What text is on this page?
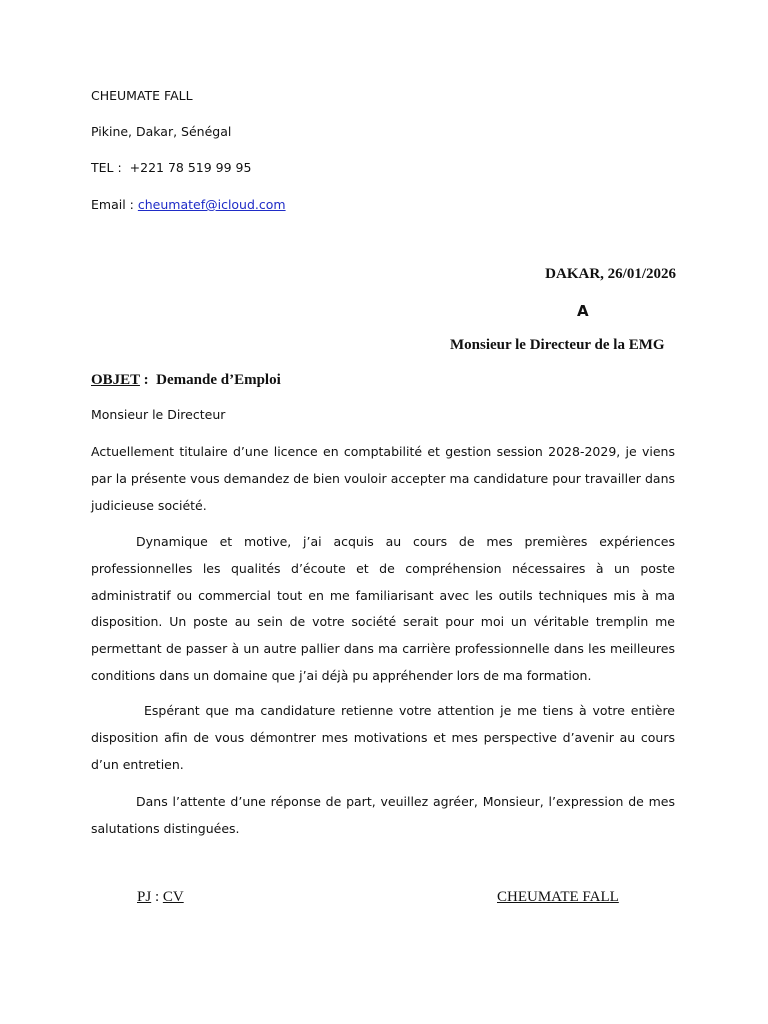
CHEUMATE FALL
Pikine, Dakar, Sénégal
TEL : +221 78 519 99 95
Email : cheumatef@icloud.com
DAKAR, 26/01/2026
A
Monsieur le Directeur de la EMG
OBJET : Demande d’Emploi
Monsieur le Directeur
Actuellement titulaire d’une licence en comptabilité et gestion session 2028-2029, je viens par la présente vous demandez de bien vouloir accepter ma candidature pour travailler dans judicieuse société.
Dynamique et motive, j’ai acquis au cours de mes premières expériences professionnelles les qualités d’écoute et de compréhension nécessaires à un poste administratif ou commercial tout en me familiarisant avec les outils techniques mis à ma disposition. Un poste au sein de votre société serait pour moi un véritable tremplin me permettant de passer à un autre pallier dans ma carrière professionnelle dans les meilleures conditions dans un domaine que j’ai déjà pu appréhender lors de ma formation.
Espérant que ma candidature retienne votre attention je me tiens à votre entière disposition afin de vous démontrer mes motivations et mes perspective d’avenir au cours d’un entretien.
Dans l’attente d’une réponse de part, veuillez agréer, Monsieur, l’expression de mes salutations distinguées.
PJ : CV	CHEUMATE FALL
